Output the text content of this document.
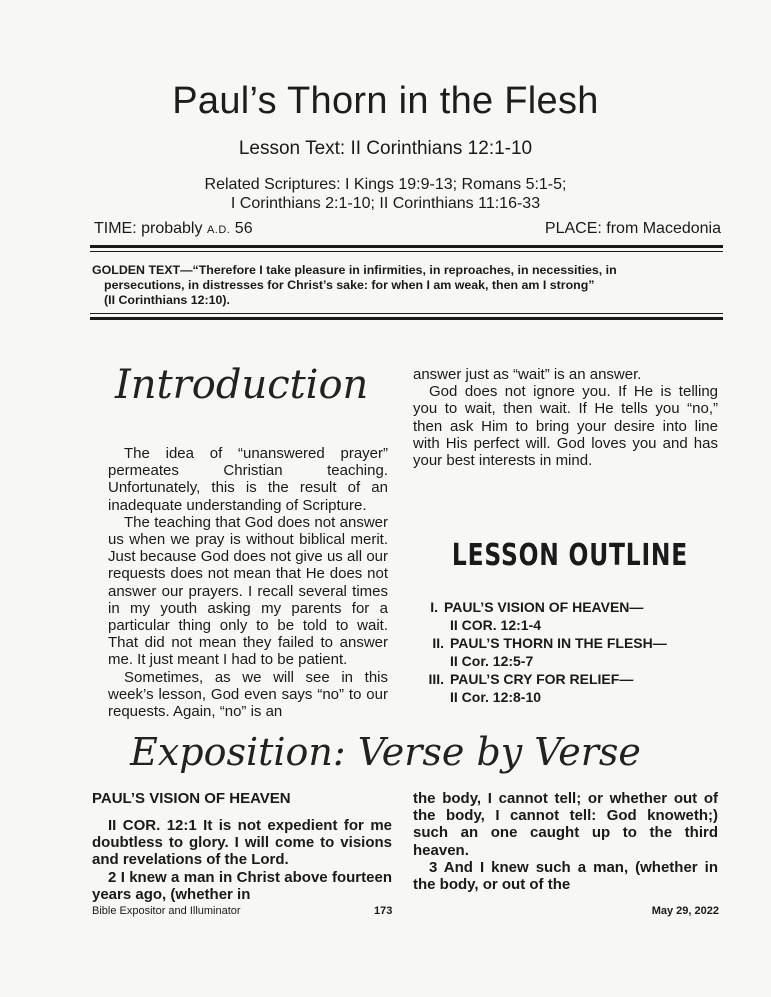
Paul’s Thorn in the Flesh
Lesson Text: II Corinthians 12:1-10
Related Scriptures: I Kings 19:9-13; Romans 5:1-5;
I Corinthians 2:1-10; II Corinthians 11:16-33
TIME: probably A.D. 56	PLACE: from Macedonia
GOLDEN TEXT—“Therefore I take pleasure in infirmities, in reproaches, in necessities, in
persecutions, in distresses for Christ’s sake: for when I am weak, then am I strong”
(II Corinthians 12:10).
Introduction

The idea of “unanswered prayer” permeates Christian teaching. Unfortunately, this is the result of an inadequate understanding of Scripture.

The teaching that God does not answer us when we pray is without biblical merit. Just because God does not give us all our requests does not mean that He does not answer our prayers. I recall several times in my youth asking my parents for a particular thing only to be told to wait. That did not mean they failed to answer me. It just meant I had to be patient.

Sometimes, as we will see in this week’s lesson, God even says “no” to our requests. Again, “no” is an

answer just as “wait” is an answer.

God does not ignore you. If He is telling you to wait, then wait. If He tells you “no,” then ask Him to bring your desire into line with His perfect will. God loves you and has your best interests in mind.

LESSON OUTLINE
I. PAUL’S VISION OF HEAVEN—
II COR. 12:1-4
II. PAUL’S THORN IN THE FLESH—
II Cor. 12:5-7
III. PAUL’S CRY FOR RELIEF—
II Cor. 12:8-10
Exposition: Verse by Verse
PAUL’S VISION OF HEAVEN

II COR. 12:1 It is not expedient for me doubtless to glory. I will come to visions and revelations of the Lord.

2 I knew a man in Christ above fourteen years ago, (whether in

the body, I cannot tell; or whether out of the body, I cannot tell: God knoweth;) such an one caught up to the third heaven.

3 And I knew such a man, (whether in the body, or out of the

Bible Expositor and Illuminator	173	May 29, 2022
